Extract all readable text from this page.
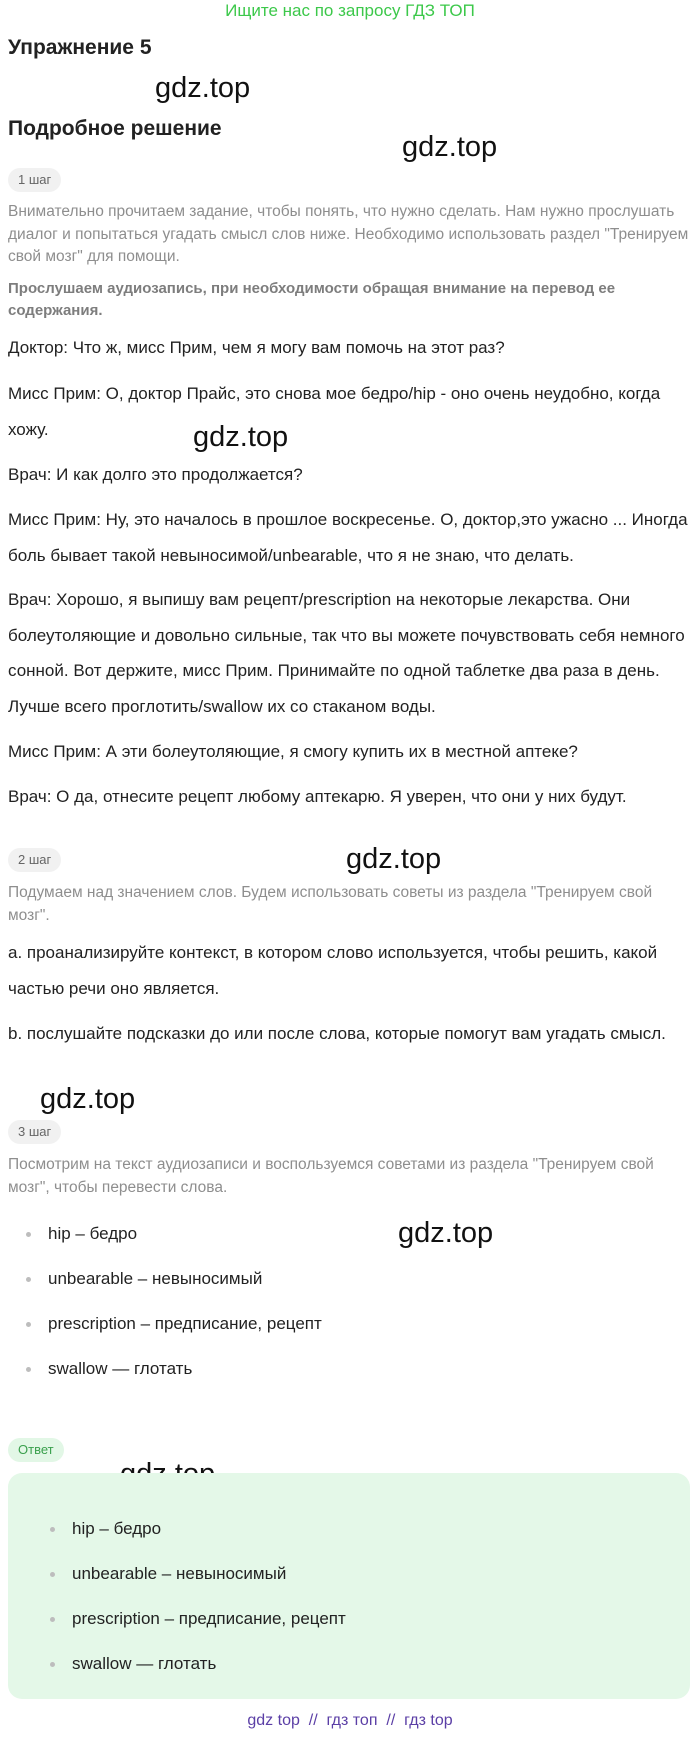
Ищите нас по запросу ГДЗ ТОП
Упражнение 5
Подробное решение
gdz.top
gdz.top
gdz.top
gdz.top
gdz.top
gdz.top
1 шаг

Внимательно прочитаем задание, чтобы понять, что нужно сделать. Нам нужно прослушать диалог и попытаться угадать смысл слов ниже. Необходимо использовать раздел "Тренируем свой мозг" для помощи.

Прослушаем аудиозапись, при необходимости обращая внимание на перевод ее содержания.

Доктор: Что ж, мисс Прим, чем я могу вам помочь на этот раз?

Мисс Прим: О, доктор Прайс, это снова мое бедро/hip - оно очень неудобно, когда хожу.

Врач: И как долго это продолжается?

Мисс Прим: Ну, это началось в прошлое воскресенье. О, доктор,это ужасно ... Иногда боль бывает такой невыносимой/unbearable, что я не знаю, что делать.

Врач: Хорошо, я выпишу вам рецепт/prescription на некоторые лекарства. Они болеутоляющие и довольно сильные, так что вы можете почувствовать себя немного сонной. Вот держите, мисс Прим. Принимайте по одной таблетке два раза в день. Лучше всего проглотить/swallow их со стаканом воды.

Мисс Прим: А эти болеутоляющие, я смогу купить их в местной аптеке?

Врач: О да, отнесите рецепт любому аптекарю. Я уверен, что они у них будут.

2 шаг

Подумаем над значением слов. Будем использовать советы из раздела "Тренируем свой мозг".

a. проанализируйте контекст, в котором слово используется, чтобы решить, какой частью речи оно является.

b. послушайте подсказки до или после слова, которые помогут вам угадать смысл.

3 шаг

Посмотрим на текст аудиозаписи и воспользуемся советами из раздела "Тренируем свой мозг", чтобы перевести слова.

hip – бедро
unbearable – невыносимый
prescription – предписание, рецепт
swallow — глотать
Ответ
hip – бедро
unbearable – невыносимый
prescription – предписание, рецепт
swallow — глотать
gdz top  //  гдз топ  //  гдз top
